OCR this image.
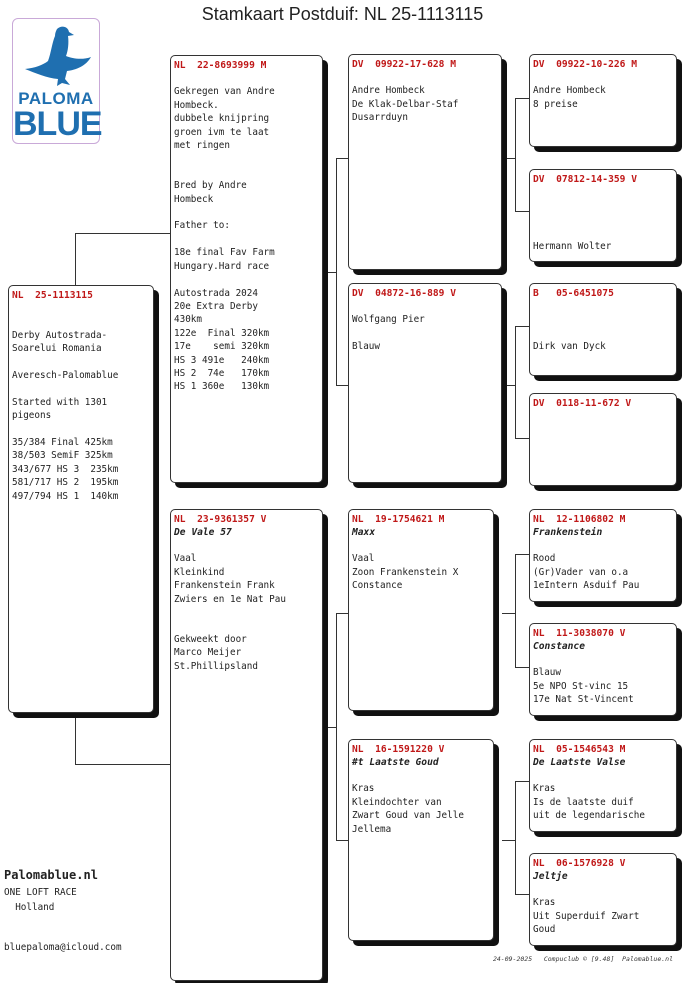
Stamkaart Postduif: NL 25-1113115
PALOMA
BLUE
NL  25-1113115

Derby Autostrada-
Soarelui Romania

Averesch-Palomablue

Started with 1301
pigeons

35/384 Final 425km
38/503 SemiF 325km
343/677 HS 3  235km
581/717 HS 2  195km
497/794 HS 1  140km
NL  22-8693999 M

Gekregen van Andre
Hombeck.
dubbele knijpring
groen ivm te laat
met ringen

Bred by Andre
Hombeck

Father to:

18e final Fav Farm
Hungary.Hard race

Autostrada 2024
20e Extra Derby
430km
122e  Final 320km
17e    semi 320km
HS 3 491e   240km
HS 2  74e   170km
HS 1 360e   130km
NL  23-9361357 V
De Vale 57

Vaal
Kleinkind
Frankenstein Frank
Zwiers en 1e Nat Pau

Gekweekt door
Marco Meijer
St.Phillipsland
DV  09922-17-628 M

Andre Hombeck
De Klak-Delbar-Staf
Dusarrduyn
DV  04872-16-889 V

Wolfgang Pier

Blauw
NL  19-1754621 M
Maxx

Vaal
Zoon Frankenstein X
Constance
NL  16-1591220 V
#t Laatste Goud

Kras
Kleindochter van
Zwart Goud van Jelle
Jellema
DV  09922-10-226 M

Andre Hombeck
8 preise
DV  07812-14-359 V

Hermann Wolter
B   05-6451075

Dirk van Dyck
DV  0118-11-672 V
NL  12-1106802 M
Frankenstein

Rood
(Gr)Vader van o.a
1eIntern Asduif Pau
NL  11-3038070 V
Constance

Blauw
5e NPO St-vinc 15
17e Nat St-Vincent
NL  05-1546543 M
De Laatste Valse

Kras
Is de laatste duif
uit de legendarische
NL  06-1576928 V
Jeltje

Kras
Uit Superduif Zwart
Goud
Palomablue.nl
ONE LOFT RACE
Holland
bluepaloma@icloud.com
24-09-2025   Compuclub © [9.48]  Palomablue.nl
